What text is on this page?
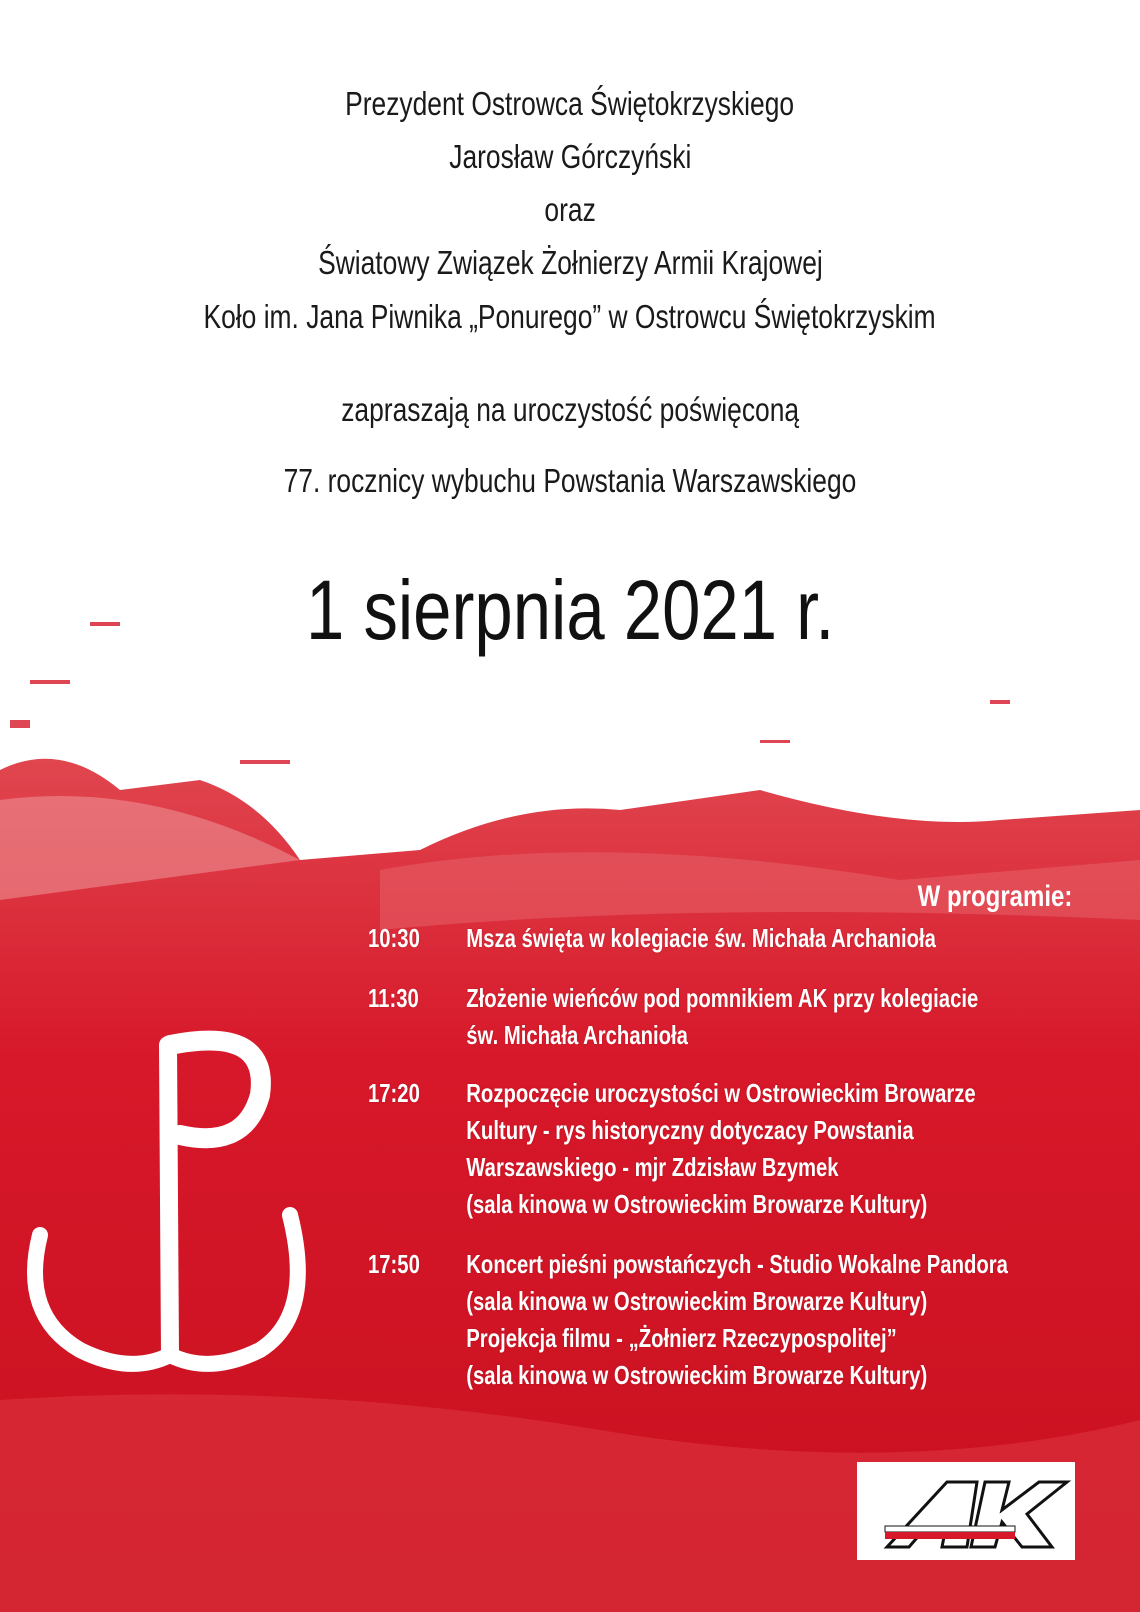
Prezydent Ostrowca Świętokrzyskiego
Jarosław Górczyński
oraz
Światowy Związek Żołnierzy Armii Krajowej
Koło im. Jana Piwnika „Ponurego” w Ostrowcu Świętokrzyskim
zapraszają na uroczystość poświęconą
77. rocznicy wybuchu Powstania Warszawskiego
1 sierpnia 2021 r.
W programie:
10:30 Msza święta w kolegiacie św. Michała Archanioła
11:30 Złożenie wieńców pod pomnikiem AK przy kolegiacie
św. Michała Archanioła
17:20 Rozpoczęcie uroczystości w Ostrowieckim Browarze
Kultury - rys historyczny dotyczacy Powstania
Warszawskiego - mjr Zdzisław Bzymek
(sala kinowa w Ostrowieckim Browarze Kultury)
17:50 Koncert pieśni powstańczych - Studio Wokalne Pandora
(sala kinowa w Ostrowieckim Browarze Kultury)
Projekcja filmu - „Żołnierz Rzeczypospolitej”
(sala kinowa w Ostrowieckim Browarze Kultury)
